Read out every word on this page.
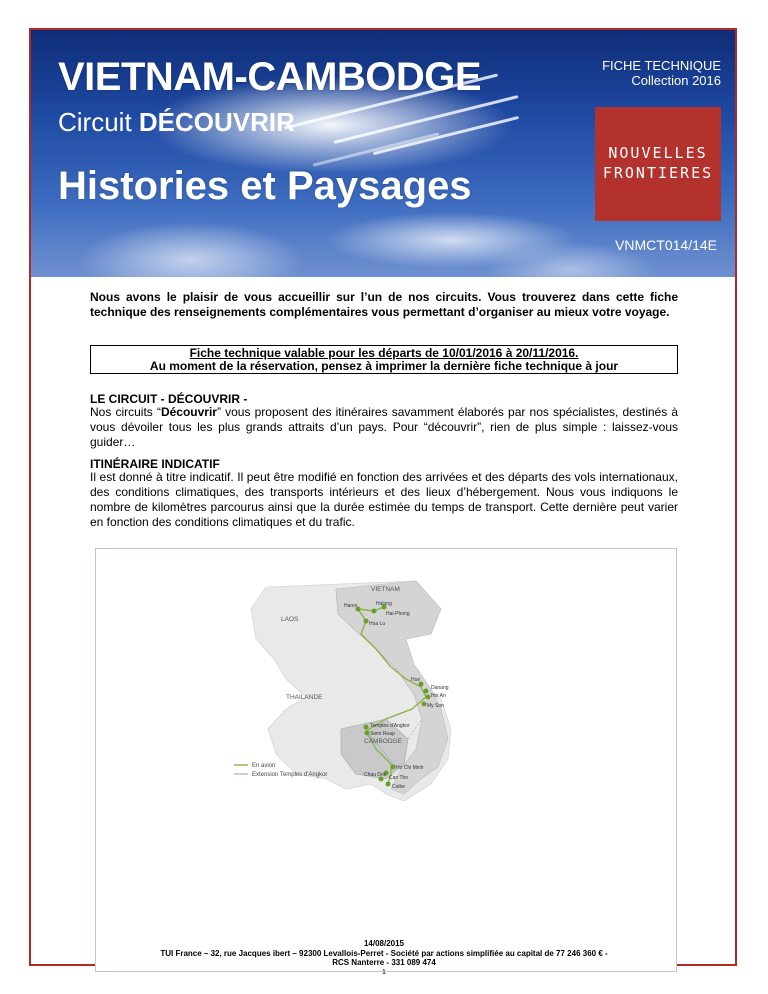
VIETNAM-CAMBODGE
Circuit DÉCOUVRIR
Histories et Paysages
FICHE TECHNIQUE
Collection 2016
NOUVELLES
FRONTIERES
VNMCT014/14E
Nous avons le plaisir de vous accueillir sur l’un de nos circuits. Vous trouverez dans cette fiche technique des renseignements complémentaires vous permettant d’organiser au mieux votre voyage.
Fiche technique valable pour les départs de 10/01/2016 à 20/11/2016.
Au moment de la réservation, pensez à imprimer la dernière fiche technique à jour
LE CIRCUIT - DÉCOUVRIR -
Nos circuits “Découvrir” vous proposent des itinéraires savamment élaborés par nos spécialistes, destinés à vous dévoiler tous les plus grands attraits d’un pays. Pour “découvrir”, rien de plus simple : laissez-vous guider…
ITINÉRAIRE INDICATIF
Il est donné à titre indicatif. Il peut être modifié en fonction des arrivées et des départs des vols internationaux, des conditions climatiques, des transports intérieurs et des lieux d’hébergement. Nous vous indiquons le nombre de kilomètres parcourus ainsi que la durée estimée du temps de transport. Cette dernière peut varier en fonction des conditions climatiques et du trafic.
VIETNAM
LAOS
THAILANDE
CAMBODGE
Hanoi	Halong
Hai-Phong
Hoa Lu
Hué
Danang
Hoi An
My Son
Temples d'Angkor
Siem Reap
Ho Chi Minh
Chau Doc Can Tho
Caibe
En avion
Extension Temples d'Angkor
14/08/2015
TUI France – 32, rue Jacques ibert – 92300 Levallois-Perret - Société par actions simplifiée au capital de 77 246 360 € -
RCS Nanterre - 331 089 474
1
